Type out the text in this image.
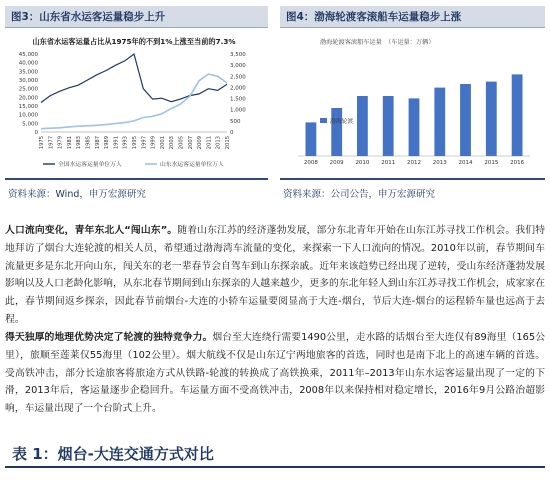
图3：山东省水运客运量稳步上升	图4：渤海轮渡客滚船车运量稳步上涨
山东省水运客运量占比从1975年的不到1%上涨至当前的7.3%
0
5,000
10,000
15,000
20,000
25,000
30,000
35,000
40,000
45,000
0
500
1,000
1,500
2,000
2,500
3,000
3,500
1975 1977 1979 1981 1983 1985 1987 1989 1991 1993 1995 1997 1999 2001 2003 2005 2007 2009 2011 2013 2015
全国水运客运量单位万人	山东水运客运量单位万人
渤海轮渡客滚船车运量　（车运量：万辆）
2008 2009 2010 2011 2012 2013 2014 2015 2016
渤海轮渡
资料来源：Wind，申万宏源研究	资料来源：公司公告，申万宏源研究
人口流向变化，青年东北人“闯山东”。随着山东江苏的经济蓬勃发展，部分东北青年开始在山东江苏寻找工作机会。我们特地拜访了烟台大连轮渡的相关人员，希望通过渤海湾车流量的变化，来探索一下人口流向的情况。2010年以前，春节期间车流量更多是东北开向山东，闯关东的老一辈春节会自驾车到山东探亲戚。近年来该趋势已经出现了逆转，受山东经济蓬勃发展影响以及人口老龄化影响，从东北春节期间到山东探亲的人越来越少，更多的东北年轻人到山东江苏寻找工作机会，成家家在此，春节期间返乡探亲，因此春节前烟台-大连的小轿车运量要阅显高于大连-烟台，节后大连-烟台的运程轿车量也远高于去程。
得天独厚的地理优势决定了轮渡的独特竞争力。烟台至大连绕行需要1490公里，走水路的话烟台至大连仅有89海里（165公里），旅顺至莲莱仅55海里（102公里）。烟大航线不仅是山东辽宁两地旅客的首选，同时也是南下北上的高速车辆的首选。受高铁冲击，部分长途旅客将旅途方式从铁路-轮渡的转换成了高铁换乘，2011年–2013年山东水运客运量出现了一定的下滑，2013年后，客运量逐步企稳回升。车运量方面不受高铁冲击，2008年以来保持相对稳定增长，2016年9月公路治超影响，车运量出现了一个台阶式上升。
表 1：烟台-大连交通方式对比
